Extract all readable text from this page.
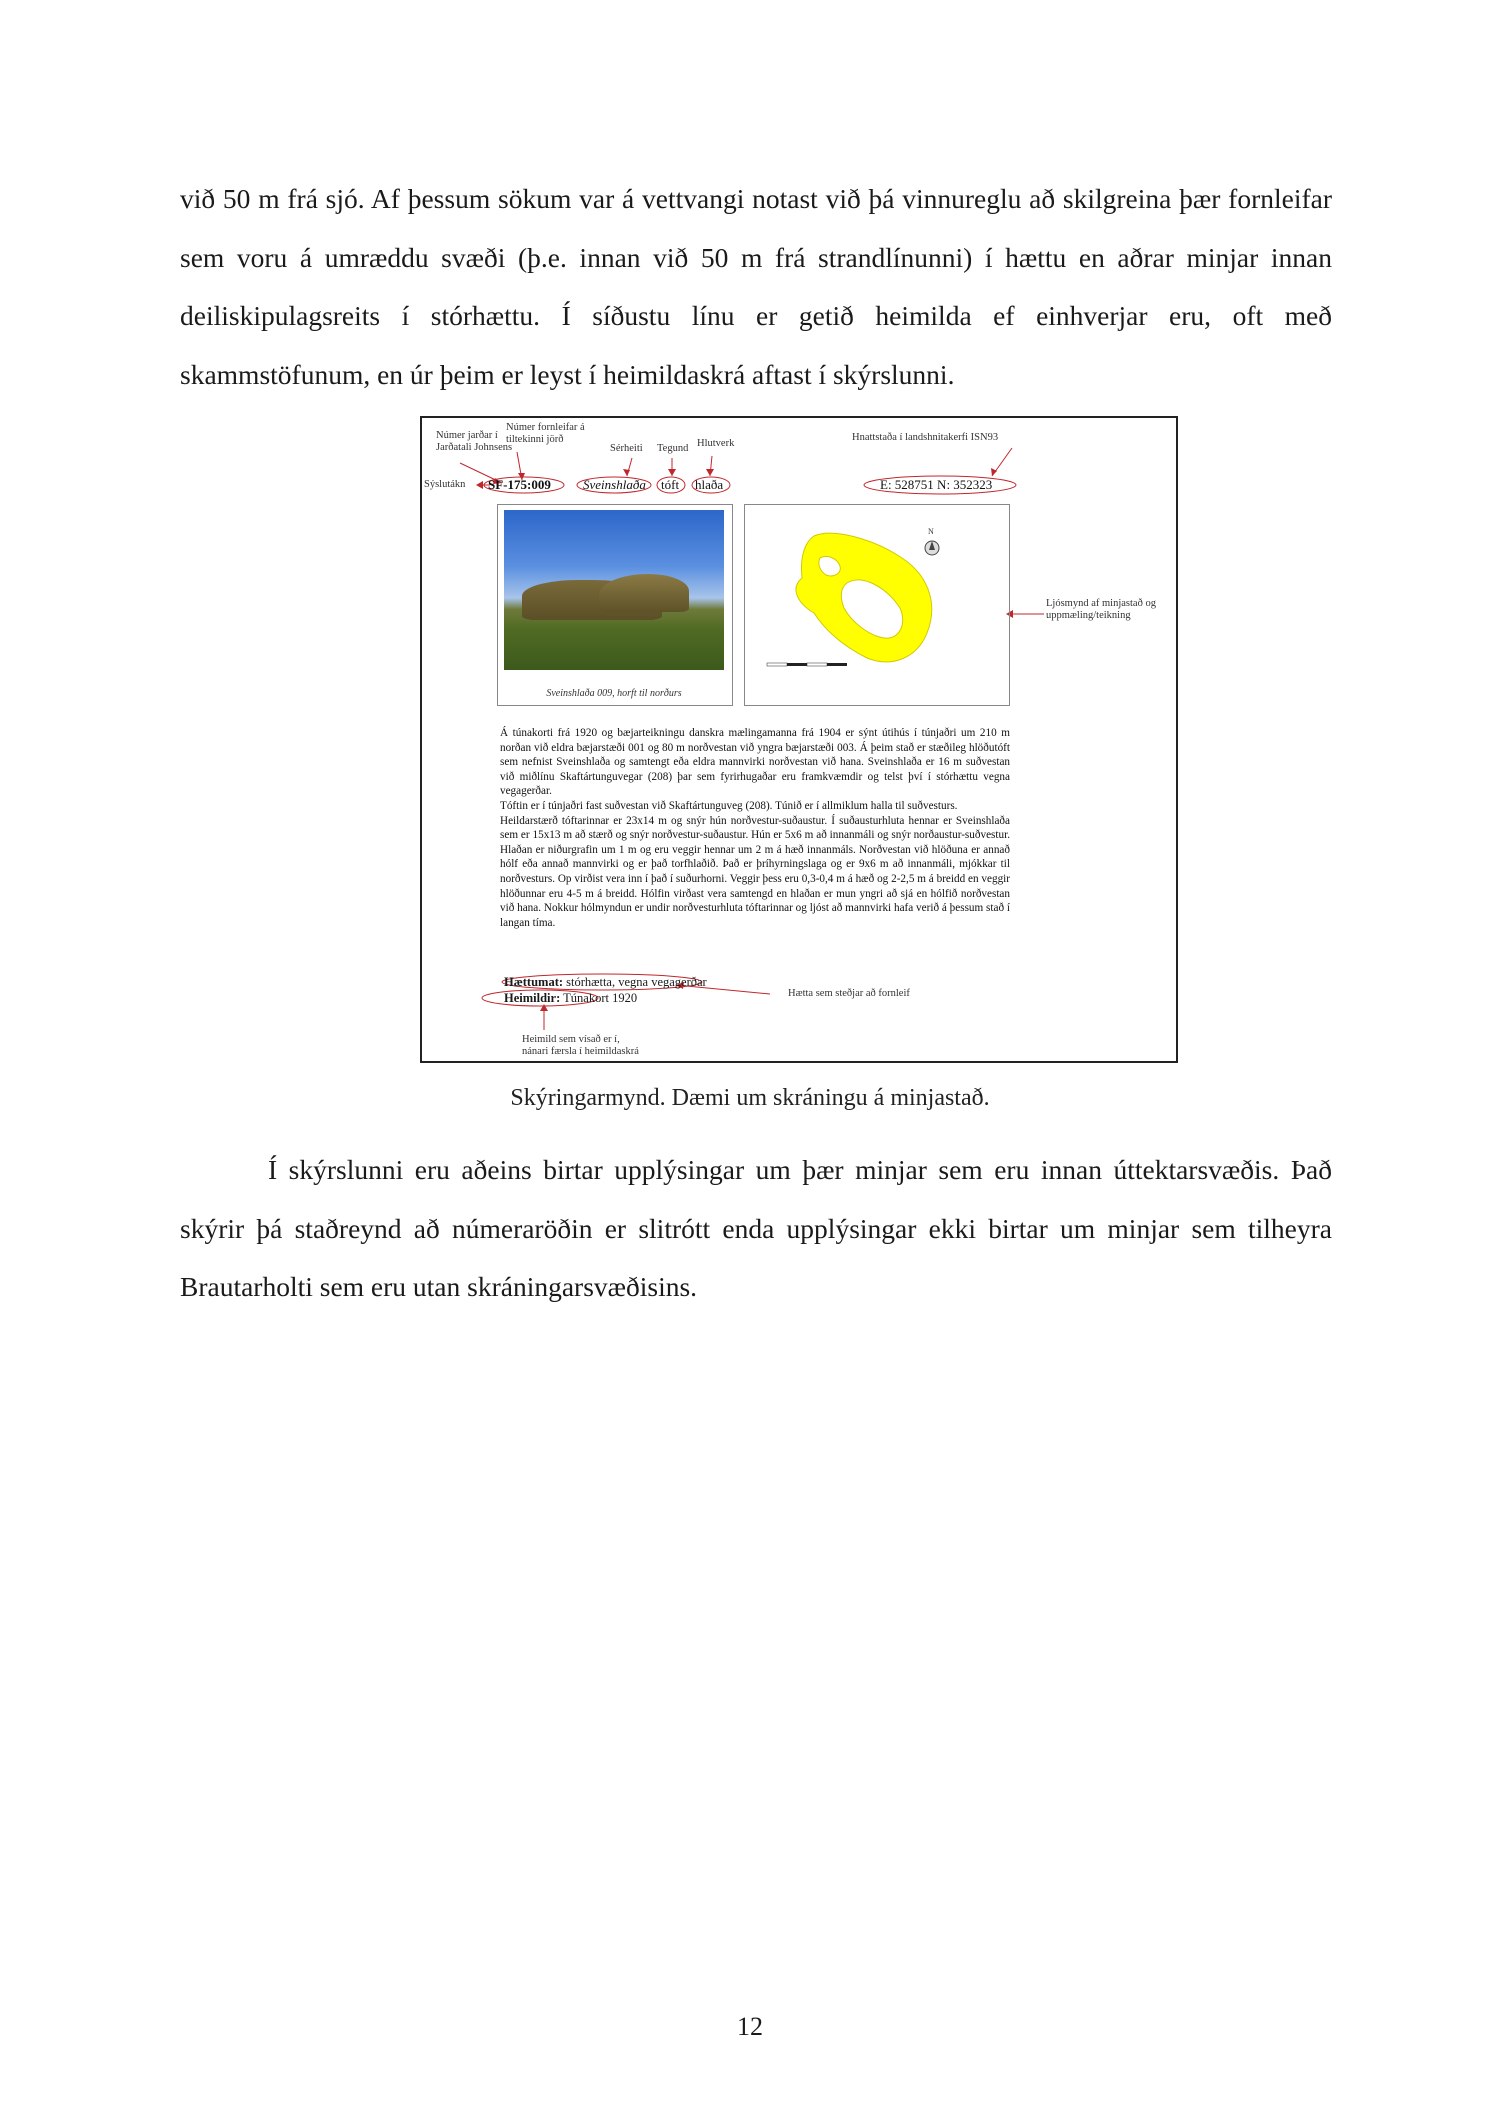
við 50 m frá sjó. Af þessum sökum var á vettvangi notast við þá vinnureglu að skilgreina þær fornleifar sem voru á umræddu svæði (þ.e. innan við 50 m frá strandlínunni) í hættu en aðrar minjar innan deiliskipulagsreits í stórhættu. Í síðustu línu er getið heimilda ef einhverjar eru, oft með skammstöfunum, en úr þeim er leyst í heimildaskrá aftast í skýrslunni.

Númer jarðar í
Jarðatali Johnsens
Númer fornleifar á
tiltekinni jörð
Sérheiti Tegund Hlutverk
Hnattstaða í landshnitakerfi ISN93
Sýslutákn SF-175:009 Sveinshlaða tóft hlaða	E: 528751 N: 352323
Sveinshlaða 009, horft til norðurs
N
Ljósmynd af minjastað og
uppmæling/teikning

Á túnakorti frá 1920 og bæjarteikningu danskra mælingamanna frá 1904 er sýnt útihús í túnjaðri um 210 m norðan við eldra bæjarstæði 001 og 80 m norðvestan við yngra bæjarstæði 003. Á þeim stað er stæðileg hlöðutóft sem nefnist Sveinshlaða og samtengt eða eldra mannvirki norðvestan við hana. Sveinshlaða er 16 m suðvestan við miðlínu Skaftártunguvegar (208) þar sem fyrirhugaðar eru framkvæmdir og telst því í stórhættu vegna vegagerðar.

Tóftin er í túnjaðri fast suðvestan við Skaftártunguveg (208). Túnið er í allmiklum halla til suðvesturs.

Heildarstærð tóftarinnar er 23x14 m og snýr hún norðvestur-suðaustur. Í suðausturhluta hennar er Sveinshlaða sem er 15x13 m að stærð og snýr norðvestur-suðaustur. Hún er 5x6 m að innanmáli og snýr norðaustur-suðvestur. Hlaðan er niðurgrafin um 1 m og eru veggir hennar um 2 m á hæð innanmáls. Norðvestan við hlöðuna er annað hólf eða annað mannvirki og er það torfhlaðið. Það er þríhyrningslaga og er 9x6 m að innanmáli, mjókkar til norðvesturs. Op virðist vera inn í það í suðurhorni. Veggir þess eru 0,3-0,4 m á hæð og 2-2,5 m á breidd en veggir hlöðunnar eru 4-5 m á breidd. Hólfin virðast vera samtengd en hlaðan er mun yngri að sjá en hólfið norðvestan við hana. Nokkur hólmyndun er undir norðvesturhluta tóftarinnar og ljóst að mannvirki hafa verið á þessum stað í langan tíma.

Hættumat: stórhætta, vegna vegagerðar
Heimildir: Túnakort 1920	Hætta sem steðjar að fornleif
Heimild sem vísað er í,
nánari færsla í heimildaskrá
Skýringarmynd. Dæmi um skráningu á minjastað.

Í skýrslunni eru aðeins birtar upplýsingar um þær minjar sem eru innan úttektarsvæðis. Það skýrir þá staðreynd að númeraröðin er slitrótt enda upplýsingar ekki birtar um minjar sem tilheyra Brautarholti sem eru utan skráningarsvæðisins.

12
